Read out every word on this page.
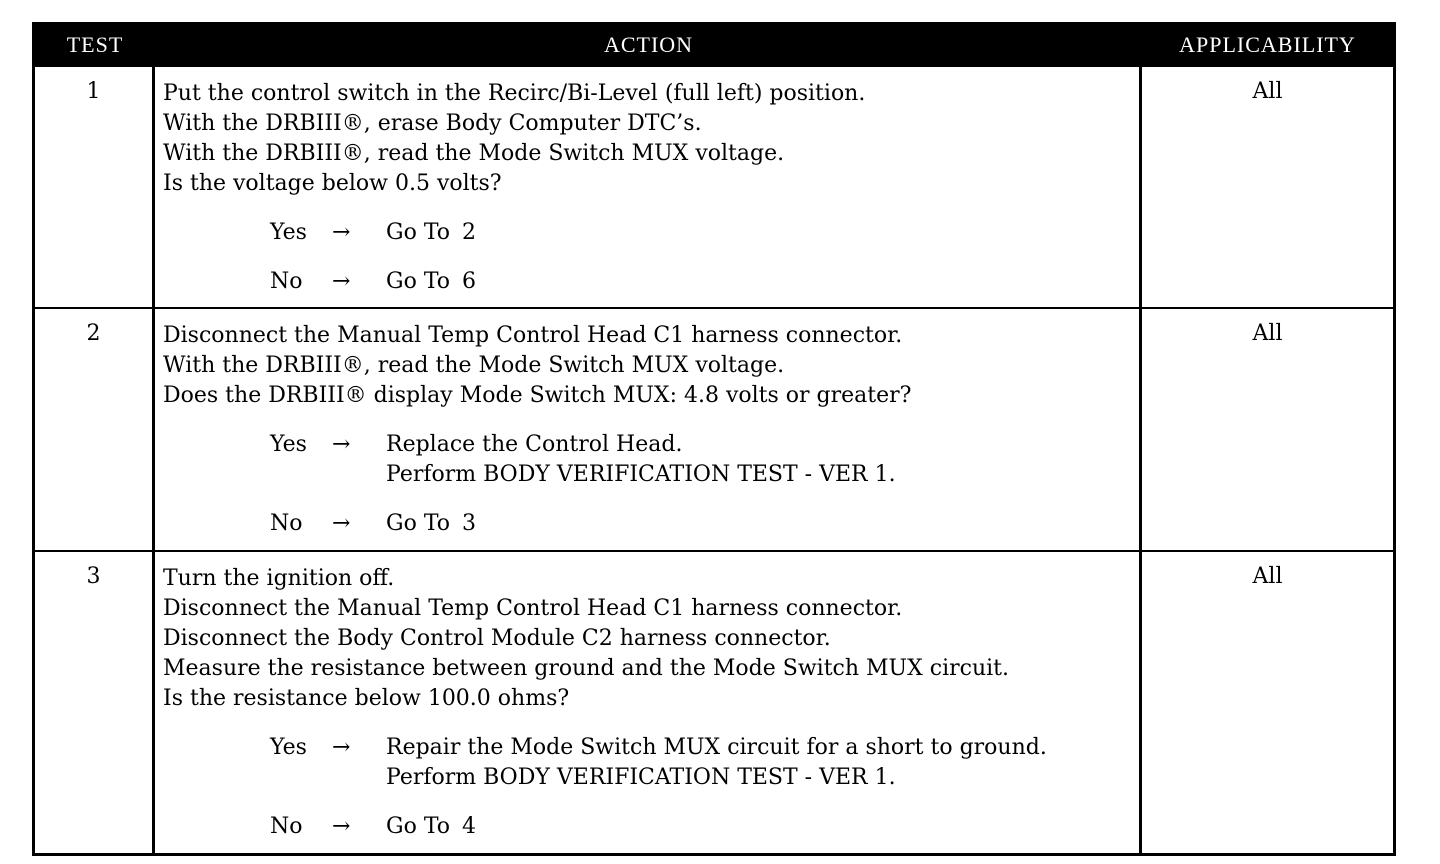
TEST	ACTION	APPLICABILITY
1	Put the control switch in the Recirc/Bi-Level (full left) position.
With the DRBIII®, erase Body Computer DTC’s.
With the DRBIII®, read the Mode Switch MUX voltage.
Is the voltage below 0.5 volts?
Yes	→	Go To 2
No	→	Go To 6
All
2	Disconnect the Manual Temp Control Head C1 harness connector.
With the DRBIII®, read the Mode Switch MUX voltage.
Does the DRBIII® display Mode Switch MUX: 4.8 volts or greater?
Yes	→	Replace the Control Head.
Perform BODY VERIFICATION TEST - VER 1.
No	→	Go To 3
All
3	Turn the ignition off.
Disconnect the Manual Temp Control Head C1 harness connector.
Disconnect the Body Control Module C2 harness connector.
Measure the resistance between ground and the Mode Switch MUX circuit.
Is the resistance below 100.0 ohms?
Yes	→	Repair the Mode Switch MUX circuit for a short to ground.
Perform BODY VERIFICATION TEST - VER 1.
No	→	Go To 4
All
